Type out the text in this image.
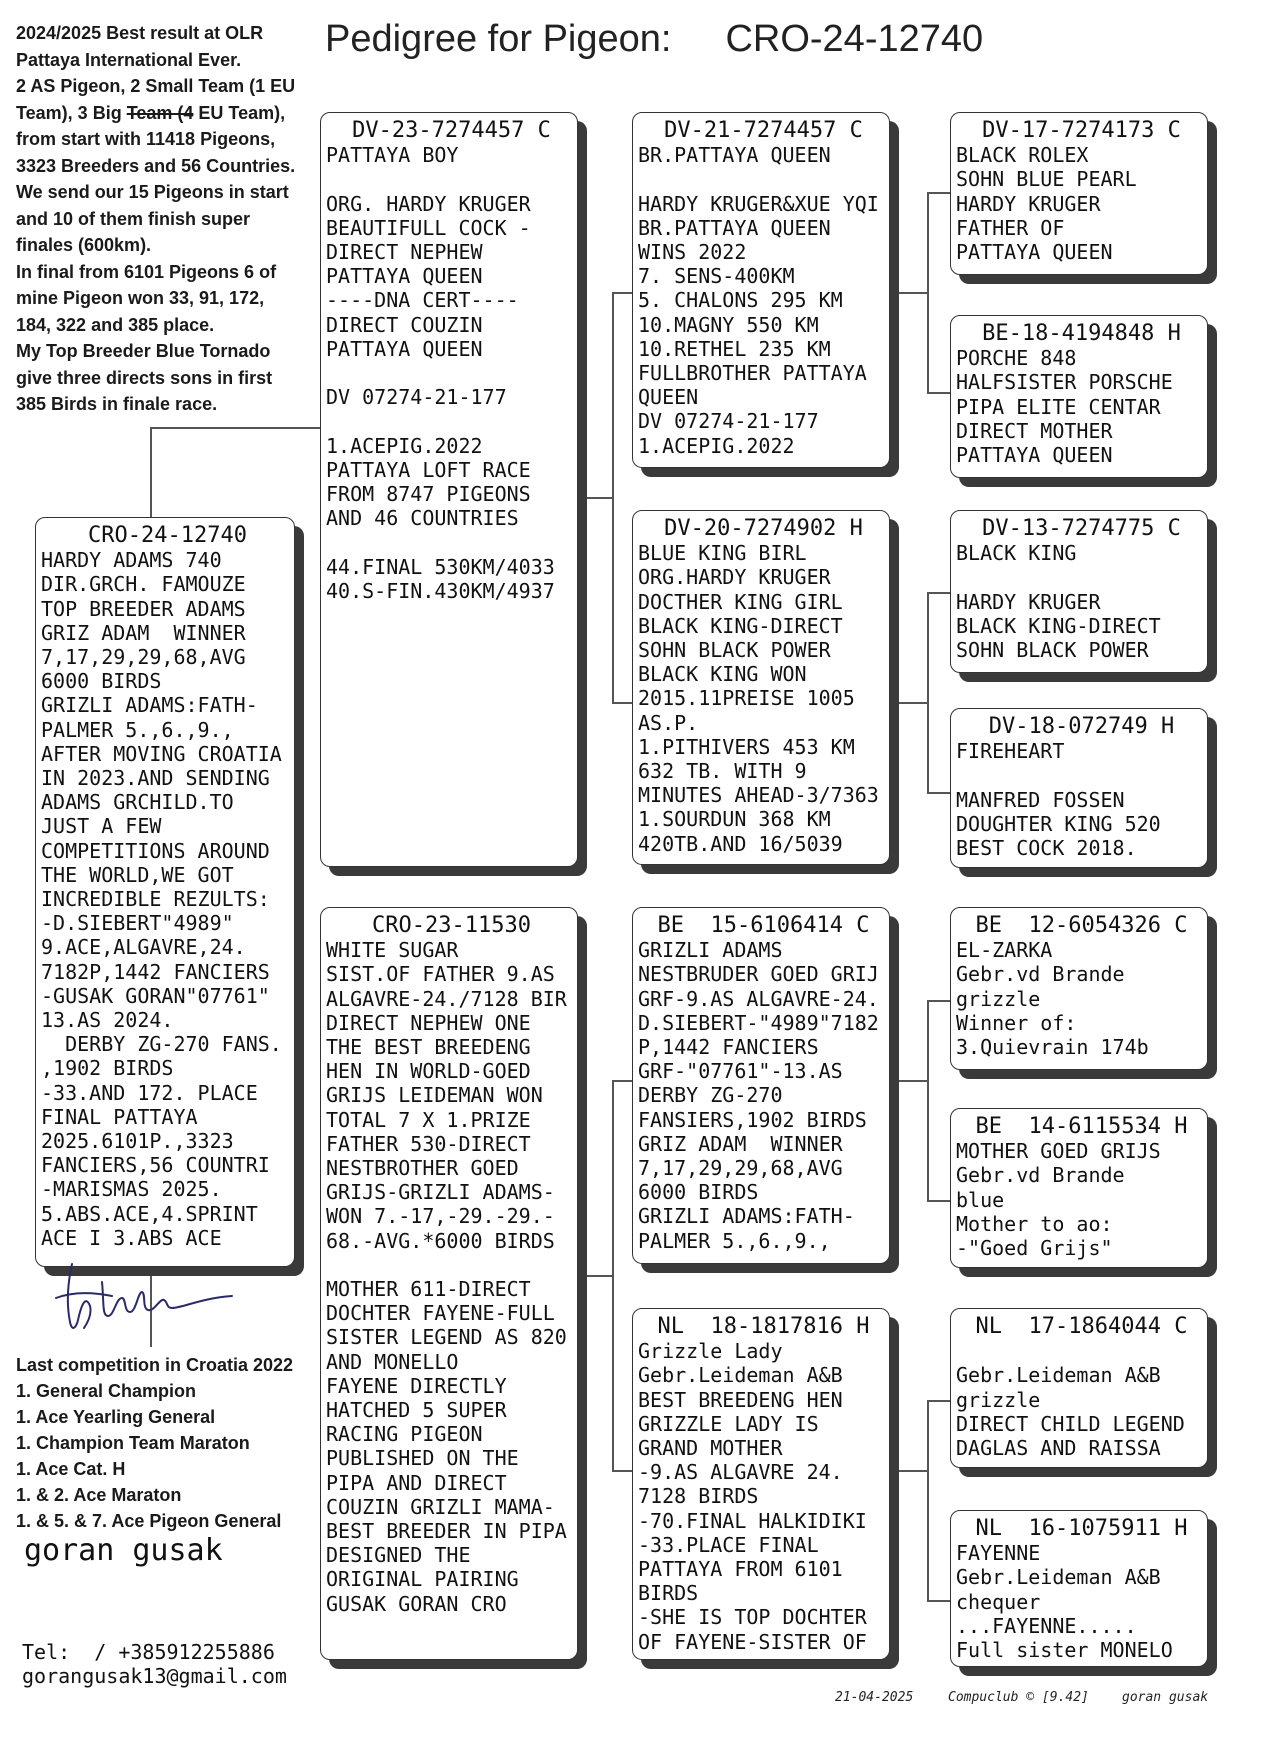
2024/2025 Best result at OLR
Pattaya International Ever.
2 AS Pigeon, 2 Small Team (1 EU
Team), 3 Big Team (4 EU Team),
from start with 11418 Pigeons,
3323 Breeders and 56 Countries.
We send our 15 Pigeons in start
and 10 of them finish super
finales (600km).
In final from 6101 Pigeons 6 of
mine Pigeon won 33, 91, 172,
184, 322 and 385 place.
My Top Breeder Blue Tornado
give three directs sons in first
385 Birds in finale race.
Pedigree for Pigeon: CRO-24-12740
CRO-24-12740
HARDY ADAMS 740
DIR.GRCH. FAMOUZE
TOP BREEDER ADAMS
GRIZ ADAM  WINNER
7,17,29,29,68,AVG
6000 BIRDS
GRIZLI ADAMS:FATH-
PALMER 5.,6.,9.,
AFTER MOVING CROATIA
IN 2023.AND SENDING
ADAMS GRCHILD.TO
JUST A FEW
COMPETITIONS AROUND
THE WORLD,WE GOT
INCREDIBLE REZULTS:
-D.SIEBERT"4989"
9.ACE,ALGAVRE,24.
7182P,1442 FANCIERS
-GUSAK GORAN"07761"
13.AS 2024.
DERBY ZG-270 FANS.
,1902 BIRDS
-33.AND 172. PLACE
FINAL PATTAYA
2025.6101P.,3323
FANCIERS,56 COUNTRI
-MARISMAS 2025.
5.ABS.ACE,4.SPRINT
ACE I 3.ABS ACE
DV-23-7274457 C
PATTAYA BOY

ORG. HARDY KRUGER
BEAUTIFULL COCK -
DIRECT NEPHEW
PATTAYA QUEEN
----DNA CERT----
DIRECT COUZIN
PATTAYA QUEEN

DV 07274-21-177

1.ACEPIG.2022
PATTAYA LOFT RACE
FROM 8747 PIGEONS
AND 46 COUNTRIES

44.FINAL 530KM/4033
40.S-FIN.430KM/4937
CRO-23-11530
WHITE SUGAR
SIST.OF FATHER 9.AS
ALGAVRE-24./7128 BIR
DIRECT NEPHEW ONE
THE BEST BREEDENG
HEN IN WORLD-GOED
GRIJS LEIDEMAN WON
TOTAL 7 X 1.PRIZE
FATHER 530-DIRECT
NESTBROTHER GOED
GRIJS-GRIZLI ADAMS-
WON 7.-17,-29.-29.-
68.-AVG.*6000 BIRDS

MOTHER 611-DIRECT
DOCHTER FAYENE-FULL
SISTER LEGEND AS 820
AND MONELLO
FAYENE DIRECTLY
HATCHED 5 SUPER
RACING PIGEON
PUBLISHED ON THE
PIPA AND DIRECT
COUZIN GRIZLI MAMA-
BEST BREEDER IN PIPA
DESIGNED THE
ORIGINAL PAIRING
GUSAK GORAN CRO
DV-21-7274457 C
BR.PATTAYA QUEEN

HARDY KRUGER&XUE YQI
BR.PATTAYA QUEEN
WINS 2022
7. SENS-400KM
5. CHALONS 295 KM
10.MAGNY 550 KM
10.RETHEL 235 KM
FULLBROTHER PATTAYA
QUEEN
DV 07274-21-177
1.ACEPIG.2022
DV-20-7274902 H
BLUE KING BIRL
ORG.HARDY KRUGER
DOCTHER KING GIRL
BLACK KING-DIRECT
SOHN BLACK POWER
BLACK KING WON
2015.11PREISE 1005
AS.P.
1.PITHIVERS 453 KM
632 TB. WITH 9
MINUTES AHEAD-3/7363
1.SOURDUN 368 KM
420TB.AND 16/5039
BE  15-6106414 C
GRIZLI ADAMS
NESTBRUDER GOED GRIJ
GRF-9.AS ALGAVRE-24.
D.SIEBERT-"4989"7182
P,1442 FANCIERS
GRF-"07761"-13.AS
DERBY ZG-270
FANSIERS,1902 BIRDS
GRIZ ADAM  WINNER
7,17,29,29,68,AVG
6000 BIRDS
GRIZLI ADAMS:FATH-
PALMER 5.,6.,9.,
NL  18-1817816 H
Grizzle Lady
Gebr.Leideman A&B
BEST BREEDENG HEN
GRIZZLE LADY IS
GRAND MOTHER
-9.AS ALGAVRE 24.
7128 BIRDS
-70.FINAL HALKIDIKI
-33.PLACE FINAL
PATTAYA FROM 6101
BIRDS
-SHE IS TOP DOCHTER
OF FAYENE-SISTER OF
DV-17-7274173 C
BLACK ROLEX
SOHN BLUE PEARL
HARDY KRUGER
FATHER OF
PATTAYA QUEEN
BE-18-4194848 H
PORCHE 848
HALFSISTER PORSCHE
PIPA ELITE CENTAR
DIRECT MOTHER
PATTAYA QUEEN
DV-13-7274775 C
BLACK KING

HARDY KRUGER
BLACK KING-DIRECT
SOHN BLACK POWER
DV-18-072749 H
FIREHEART

MANFRED FOSSEN
DOUGHTER KING 520
BEST COCK 2018.
BE  12-6054326 C
EL-ZARKA
Gebr.vd Brande
grizzle
Winner of:
3.Quievrain 174b
BE  14-6115534 H
MOTHER GOED GRIJS
Gebr.vd Brande
blue
Mother to ao:
-"Goed Grijs"
NL  17-1864044 C

Gebr.Leideman A&B
grizzle
DIRECT CHILD LEGEND
DAGLAS AND RAISSA
NL  16-1075911 H
FAYENNE
Gebr.Leideman A&B
chequer
...FAYENNE.....
Full sister MONELO
Last competition in Croatia 2022
1. General Champion
1. Ace Yearling General
1. Champion Team Maraton
1. Ace Cat. H
1. & 2. Ace Maraton
1. & 5. & 7. Ace Pigeon General
goran gusak
Tel:  / +385912255886
gorangusak13@gmail.com
21-04-2025	Compuclub © [9.42]	goran gusak
